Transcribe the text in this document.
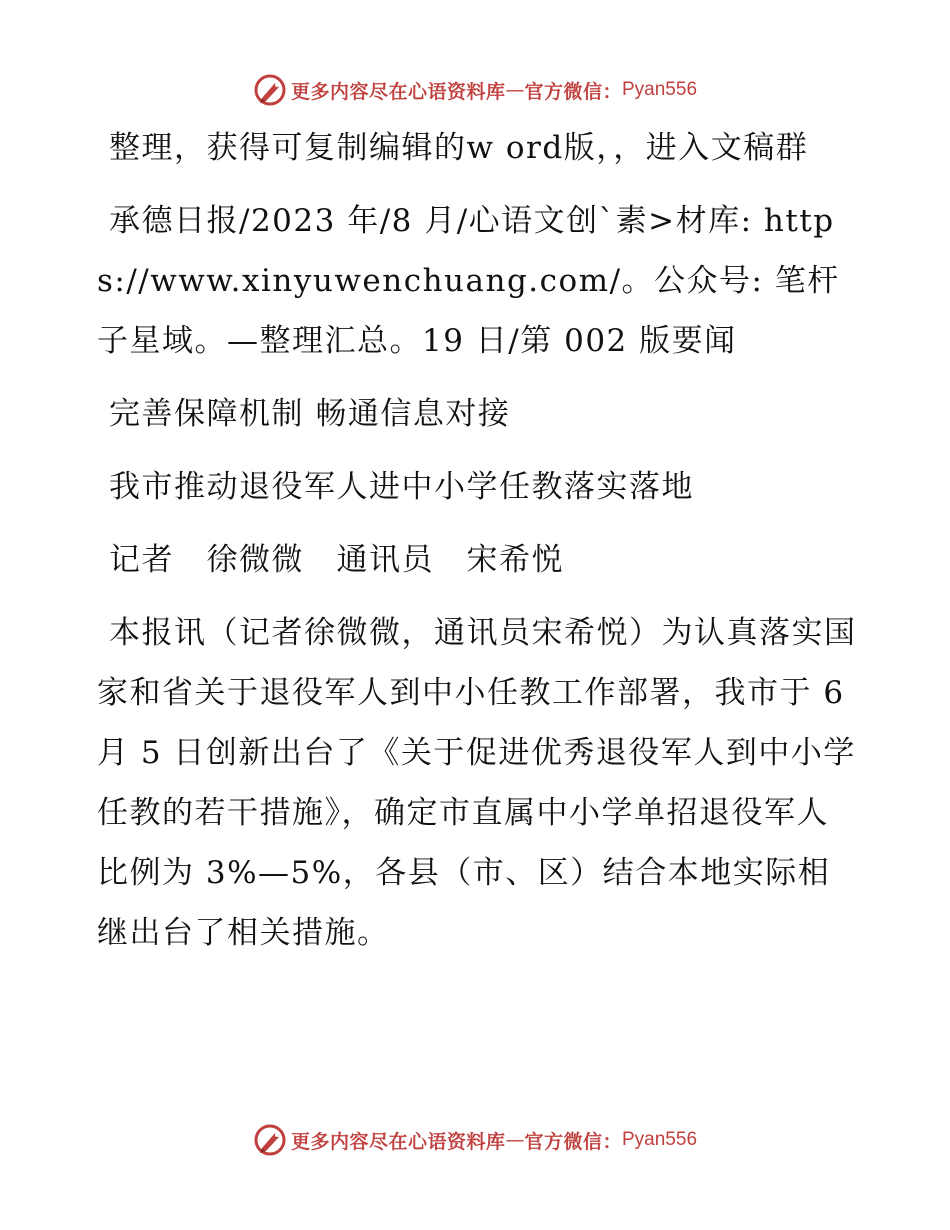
更多内容尽在心语资料库 — 官方微信： Pyan556

整理，获得可复制编辑的w ord版，，进入文稿群

承德日报/2023 年/8 月/心语文创`素>材库: https://www.xinyuwenchuang.com/。公众号: 笔杆子星域。—整理汇总。19 日/第 002 版要闻

完善保障机制 畅通信息对接

我市推动退役军人进中小学任教落实落地

记者　徐微微　通讯员　宋希悦

本报讯（记者徐微微，通讯员宋希悦）为认真落实国家和省关于退役军人到中小任教工作部署，我市于 6 月 5 日创新出台了《关于促进优秀退役军人到中小学任教的若干措施》，确定市直属中小学单招退役军人比例为 3%—5%，各县（市、区）结合本地实际相继出台了相关措施。

更多内容尽在心语资料库 — 官方微信： Pyan556
